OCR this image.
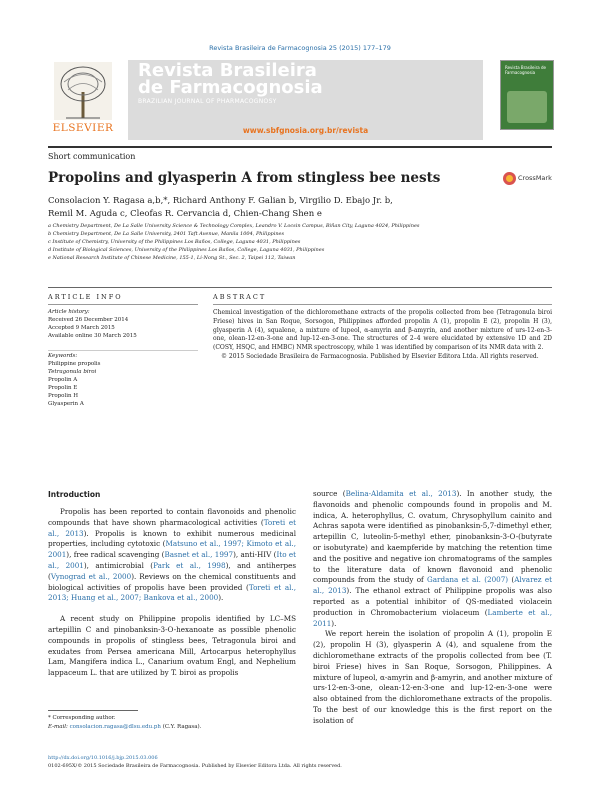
Revista Brasileira de Farmacognosia 25 (2015) 177–179
ELSEVIER
Revista Brasileira
de Farmacognosia
BRAZILIAN JOURNAL OF PHARMACOGNOSY
www.sbfgnosia.org.br/revista
Revista Brasileira de Farmacognosia
Short communication
Propolins and glyasperin A from stingless bee nests	CrossMark
Consolacion Y. Ragasa a,b,*, Richard Anthony F. Galian b, Virgilio D. Ebajo Jr. b,
Remil M. Aguda c, Cleofas R. Cervancia d, Chien-Chang Shen e
a Chemistry Department, De La Salle University Science & Technology Complex, Leandro V. Locsin Campus, Biñan City, Laguna 4024, Philippines
b Chemistry Department, De La Salle University, 2401 Taft Avenue, Manila 1004, Philippines
c Institute of Chemistry, University of the Philippines Los Baños, College, Laguna 4031, Philippines
d Institute of Biological Sciences, University of the Philippines Los Baños, College, Laguna 4031, Philippines
e National Research Institute of Chinese Medicine, 155-1, Li-Nong St., Sec. 2, Taipei 112, Taiwan
ARTICLE INFO	ABSTRACT
Article history:
Received 26 December 2014
Accepted 9 March 2015
Available online 30 March 2015
Keywords:
Philippine propolis
Tetragonula biroi
Propolin A
Propolin E
Propolin H
Glyasperin A

Chemical investigation of the dichloromethane extracts of the propolis collected from bee (Tetragonula biroi Friese) hives in San Roque, Sorsogon, Philippines afforded propolin A (1), propolin E (2), propolin H (3), glyasperin A (4), squalene, a mixture of lupeol, α-amyrin and β-amyrin, and another mixture of urs-12-en-3-one, olean-12-en-3-one and lup-12-en-3-one. The structures of 2–4 were elucidated by extensive 1D and 2D (COSY, HSQC, and HMBC) NMR spectroscopy, while 1 was identified by comparison of its NMR data with 2.

© 2015 Sociedade Brasileira de Farmacognosia. Published by Elsevier Editora Ltda. All rights reserved.

Introduction

Propolis has been reported to contain flavonoids and phenolic compounds that have shown pharmacological activities (Toreti et al., 2013). Propolis is known to exhibit numerous medicinal properties, including cytotoxic (Matsuno et al., 1997; Kimoto et al., 2001), free radical scavenging (Basnet et al., 1997), anti-HIV (Ito et al., 2001), antimicrobial (Park et al., 1998), and antiherpes (Vynograd et al., 2000). Reviews on the chemical constituents and biological activities of propolis have been provided (Toreti et al., 2013; Huang et al., 2007; Bankova et al., 2000).

A recent study on Philippine propolis identified by LC–MS artepillin C and pinobanksin-3-O-hexanoate as possible phenolic compounds in propolis of stingless bees, Tetragonula biroi and exudates from Persea americana Mill, Artocarpus heterophyllus Lam, Mangifera indica L., Canarium ovatum Engl, and Nephelium lappaceum L. that are utilized by T. biroi as propolis

source (Belina-Aldamita et al., 2013). In another study, the flavonoids and phenolic compounds found in propolis and M. indica, A. heterophyllus, C. ovatum, Chrysophyllum cainito and Achras sapota were identified as pinobanksin-5,7-dimethyl ether, artepillin C, luteolin-5-methyl ether, pinobanksin-3-O-(butyrate or isobutyrate) and kaempferide by matching the retention time and the positive and negative ion chromatograms of the samples to the literature data of known flavonoid and phenolic compounds from the study of Gardana et al. (2007) (Alvarez et al., 2013). The ethanol extract of Philippine propolis was also reported as a potential inhibitor of QS-mediated violacein production in Chromobacterium violaceum (Lamberte et al., 2011).

We report herein the isolation of propolin A (1), propolin E (2), propolin H (3), glyasperin A (4), and squalene from the dichloromethane extracts of the propolis collected from bee (T. biroi Friese) hives in San Roque, Sorsogon, Philippines. A mixture of lupeol, α-amyrin and β-amyrin, and another mixture of urs-12-en-3-one, olean-12-en-3-one and lup-12-en-3-one were also obtained from the dichloromethane extracts of the propolis. To the best of our knowledge this is the first report on the isolation of

* Corresponding author.
E-mail: consolacion.ragasa@dlsu.edu.ph (C.Y. Ragasa).
http://dx.doi.org/10.1016/j.bjp.2015.03.006
0102-695X/© 2015 Sociedade Brasileira de Farmacognosia. Published by Elsevier Editora Ltda. All rights reserved.
